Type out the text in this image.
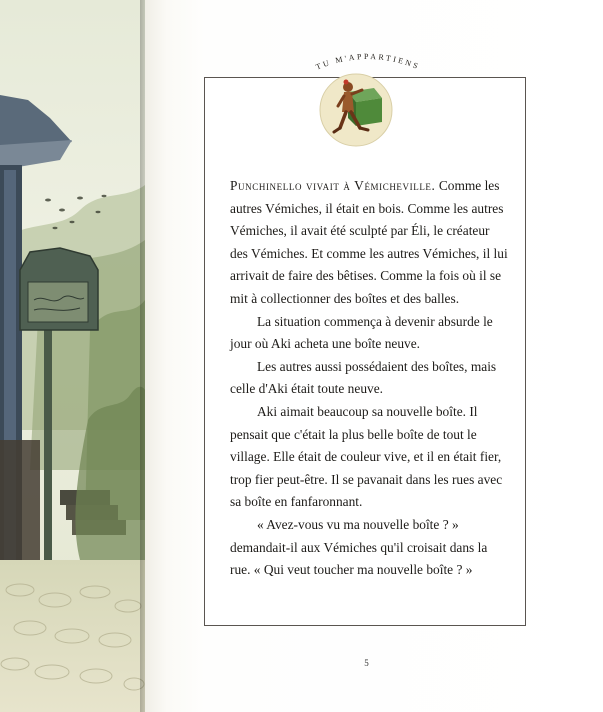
TU M'APPARTIENS

Punchinello vivait à Vémicheville. Comme les autres Vémiches, il était en bois. Comme les autres Vémiches, il avait été sculpté par Éli, le créateur des Vémiches. Et comme les autres Vémiches, il lui arrivait de faire des bêtises. Comme la fois où il se mit à collectionner des boîtes et des balles.

La situation commença à devenir absurde le jour où Aki acheta une boîte neuve.

Les autres aussi possédaient des boîtes, mais celle d'Aki était toute neuve.

Aki aimait beaucoup sa nouvelle boîte. Il pensait que c'était la plus belle boîte de tout le village. Elle était de couleur vive, et il en était fier, trop fier peut-être. Il se pavanait dans les rues avec sa boîte en fanfaronnant.

« Avez-vous vu ma nouvelle boîte ? » demandait-il aux Vémiches qu'il croisait dans la rue. « Qui veut toucher ma nouvelle boîte ? »

5
